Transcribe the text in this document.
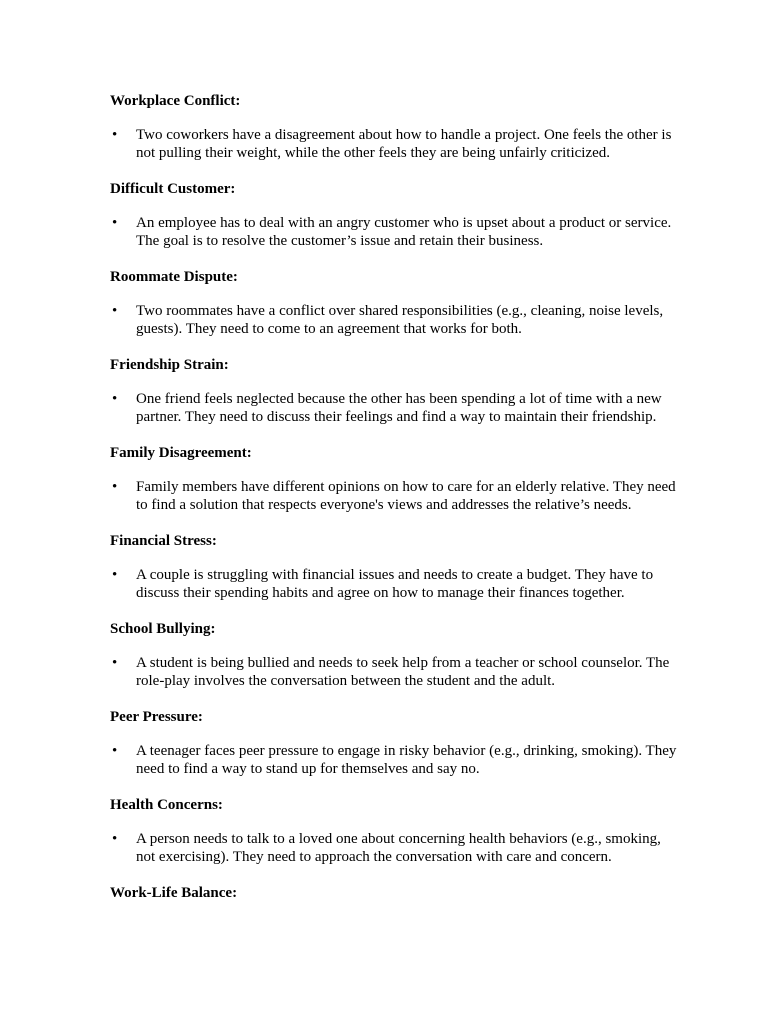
Workplace Conflict:
•	Two coworkers have a disagreement about how to handle a project. One feels the other is not pulling their weight, while the other feels they are being unfairly criticized.
Difficult Customer:
•	An employee has to deal with an angry customer who is upset about a product or service. The goal is to resolve the customer’s issue and retain their business.
Roommate Dispute:
•	Two roommates have a conflict over shared responsibilities (e.g., cleaning, noise levels, guests). They need to come to an agreement that works for both.
Friendship Strain:
•	One friend feels neglected because the other has been spending a lot of time with a new partner. They need to discuss their feelings and find a way to maintain their friendship.
Family Disagreement:
•	Family members have different opinions on how to care for an elderly relative. They need to find a solution that respects everyone's views and addresses the relative’s needs.
Financial Stress:
•	A couple is struggling with financial issues and needs to create a budget. They have to discuss their spending habits and agree on how to manage their finances together.
School Bullying:
•	A student is being bullied and needs to seek help from a teacher or school counselor. The role-play involves the conversation between the student and the adult.
Peer Pressure:
•	A teenager faces peer pressure to engage in risky behavior (e.g., drinking, smoking). They need to find a way to stand up for themselves and say no.
Health Concerns:
•	A person needs to talk to a loved one about concerning health behaviors (e.g., smoking, not exercising). They need to approach the conversation with care and concern.
Work-Life Balance:
